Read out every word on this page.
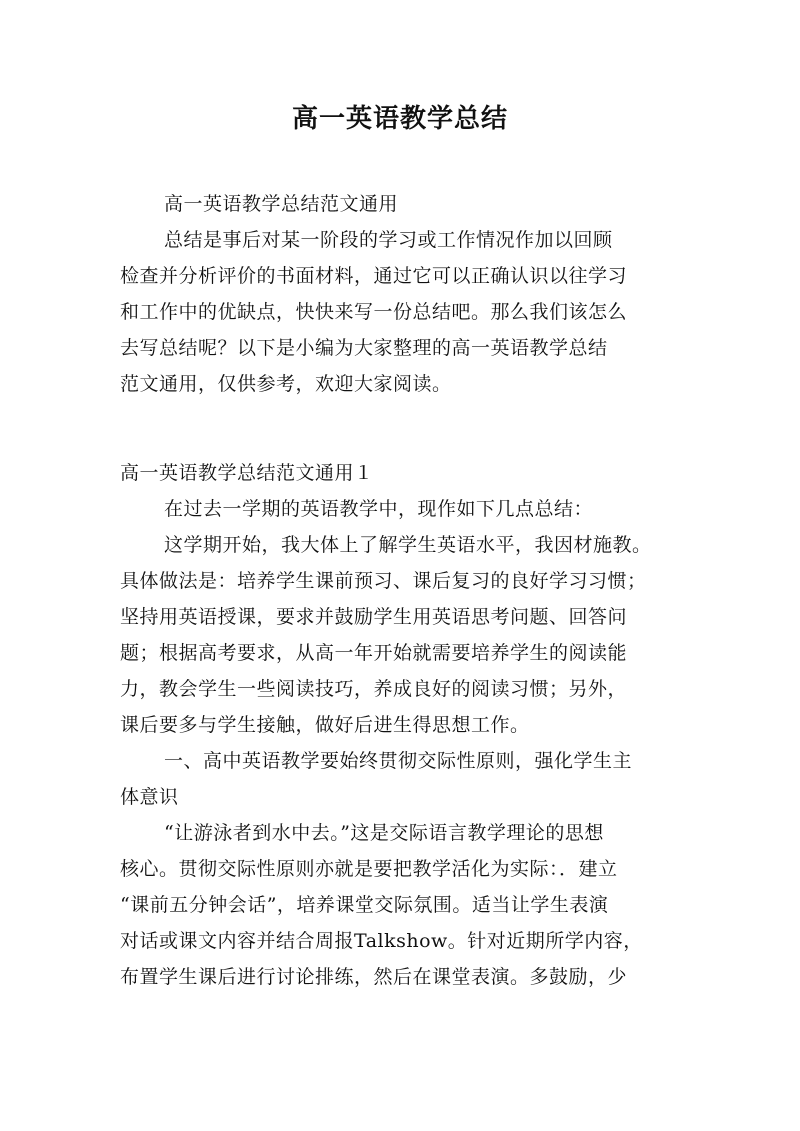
高一英语教学总结
高一英语教学总结范文通用
总结是事后对某一阶段的学习或工作情况作加以回顾
检查并分析评价的书面材料，通过它可以正确认识以往学习
和工作中的优缺点，快快来写一份总结吧。那么我们该怎么
去写总结呢？以下是小编为大家整理的高一英语教学总结
范文通用，仅供参考，欢迎大家阅读。
高一英语教学总结范文通用１
在过去一学期的英语教学中，现作如下几点总结：
这学期开始，我大体上了解学生英语水平，我因材施教。
具体做法是：培养学生课前预习、课后复习的良好学习习惯；
坚持用英语授课，要求并鼓励学生用英语思考问题、回答问
题；根据高考要求，从高一年开始就需要培养学生的阅读能
力，教会学生一些阅读技巧，养成良好的阅读习惯；另外，
课后要多与学生接触，做好后进生得思想工作。
一、高中英语教学要始终贯彻交际性原则，强化学生主
体意识
“让游泳者到水中去。”这是交际语言教学理论的思想
核心。贯彻交际性原则亦就是要把教学活化为实际：．建立
“课前五分钟会话”，培养课堂交际氛围。适当让学生表演
对话或课文内容并结合周报Talkshow。针对近期所学内容，
布置学生课后进行讨论排练，然后在课堂表演。多鼓励，少
